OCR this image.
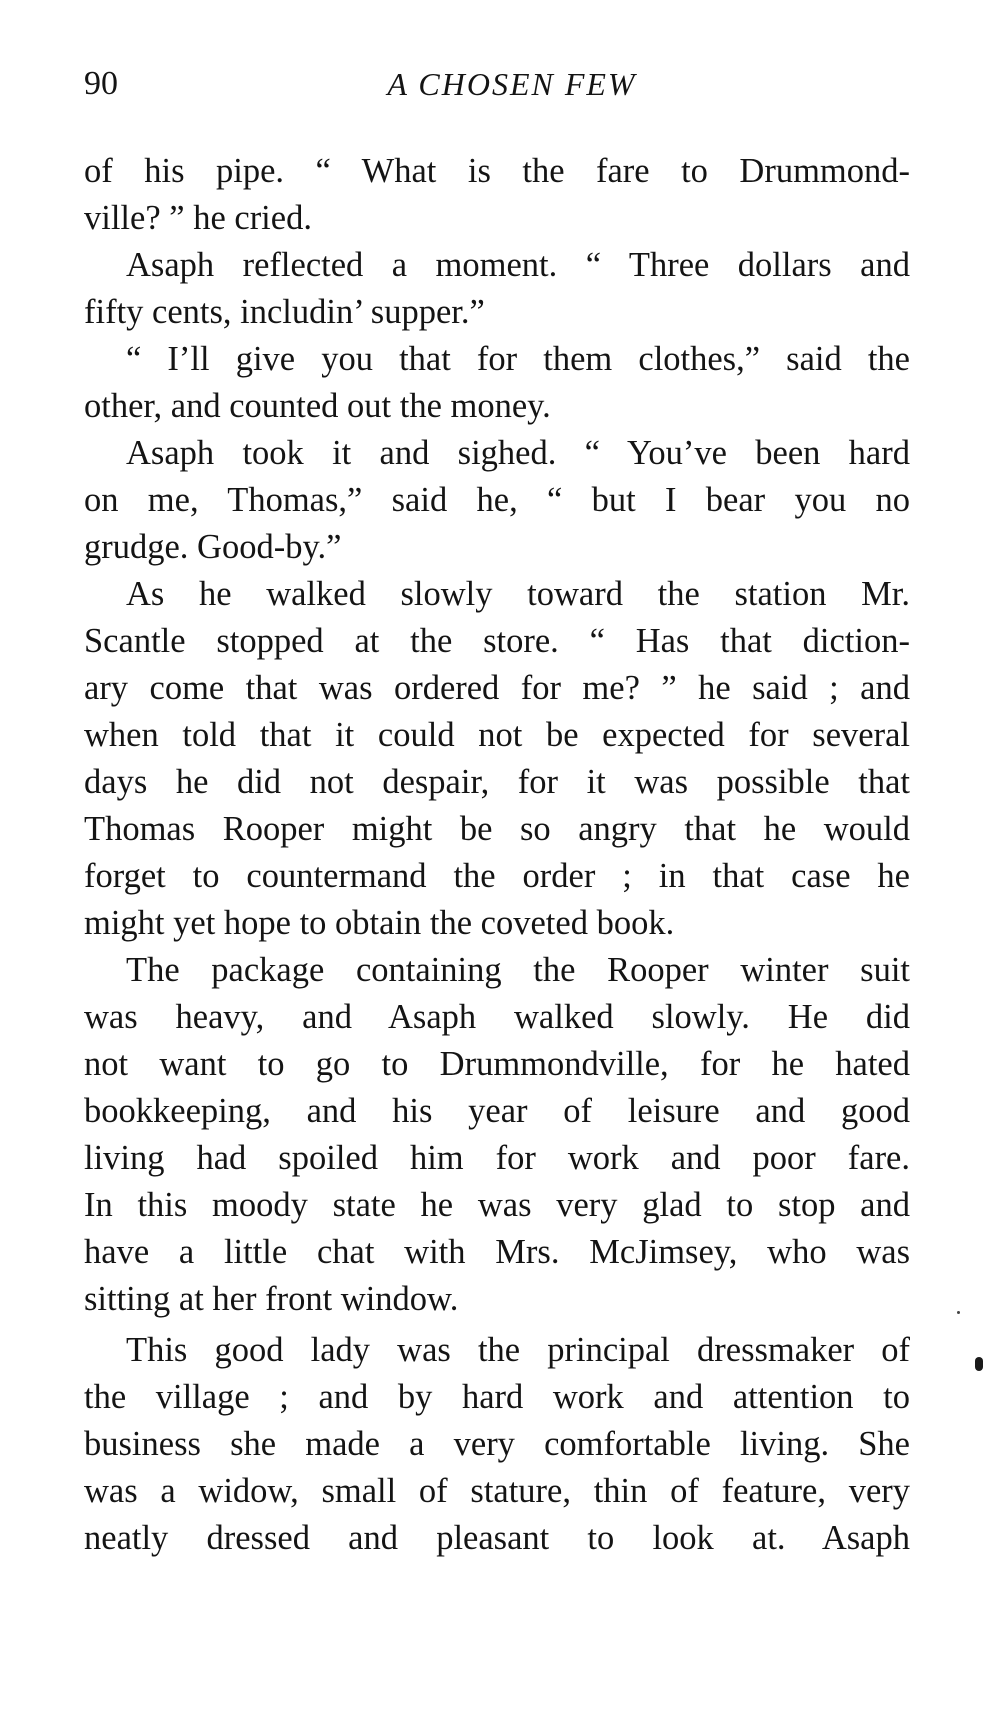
90	A CHOSEN FEW
of his pipe. “ What is the fare to Drummond-
ville? ” he cried.
Asaph reflected a moment. “ Three dollars and
fifty cents, includin’ supper.”
“ I’ll give you that for them clothes,” said the
other, and counted out the money.
Asaph took it and sighed. “ You’ve been hard
on me, Thomas,” said he, “ but I bear you no
grudge. Good-by.”
As he walked slowly toward the station Mr.
Scantle stopped at the store. “ Has that diction-
ary come that was ordered for me? ” he said ; and
when told that it could not be expected for several
days he did not despair, for it was possible that
Thomas Rooper might be so angry that he would
forget to countermand the order ; in that case he
might yet hope to obtain the coveted book.
The package containing the Rooper winter suit
was heavy, and Asaph walked slowly. He did
not want to go to Drummondville, for he hated
bookkeeping, and his year of leisure and good
living had spoiled him for work and poor fare.
In this moody state he was very glad to stop and
have a little chat with Mrs. McJimsey, who was
sitting at her front window.
This good lady was the principal dressmaker of
the village ; and by hard work and attention to
business she made a very comfortable living. She
was a widow, small of stature, thin of feature, very
neatly dressed and pleasant to look at. Asaph
